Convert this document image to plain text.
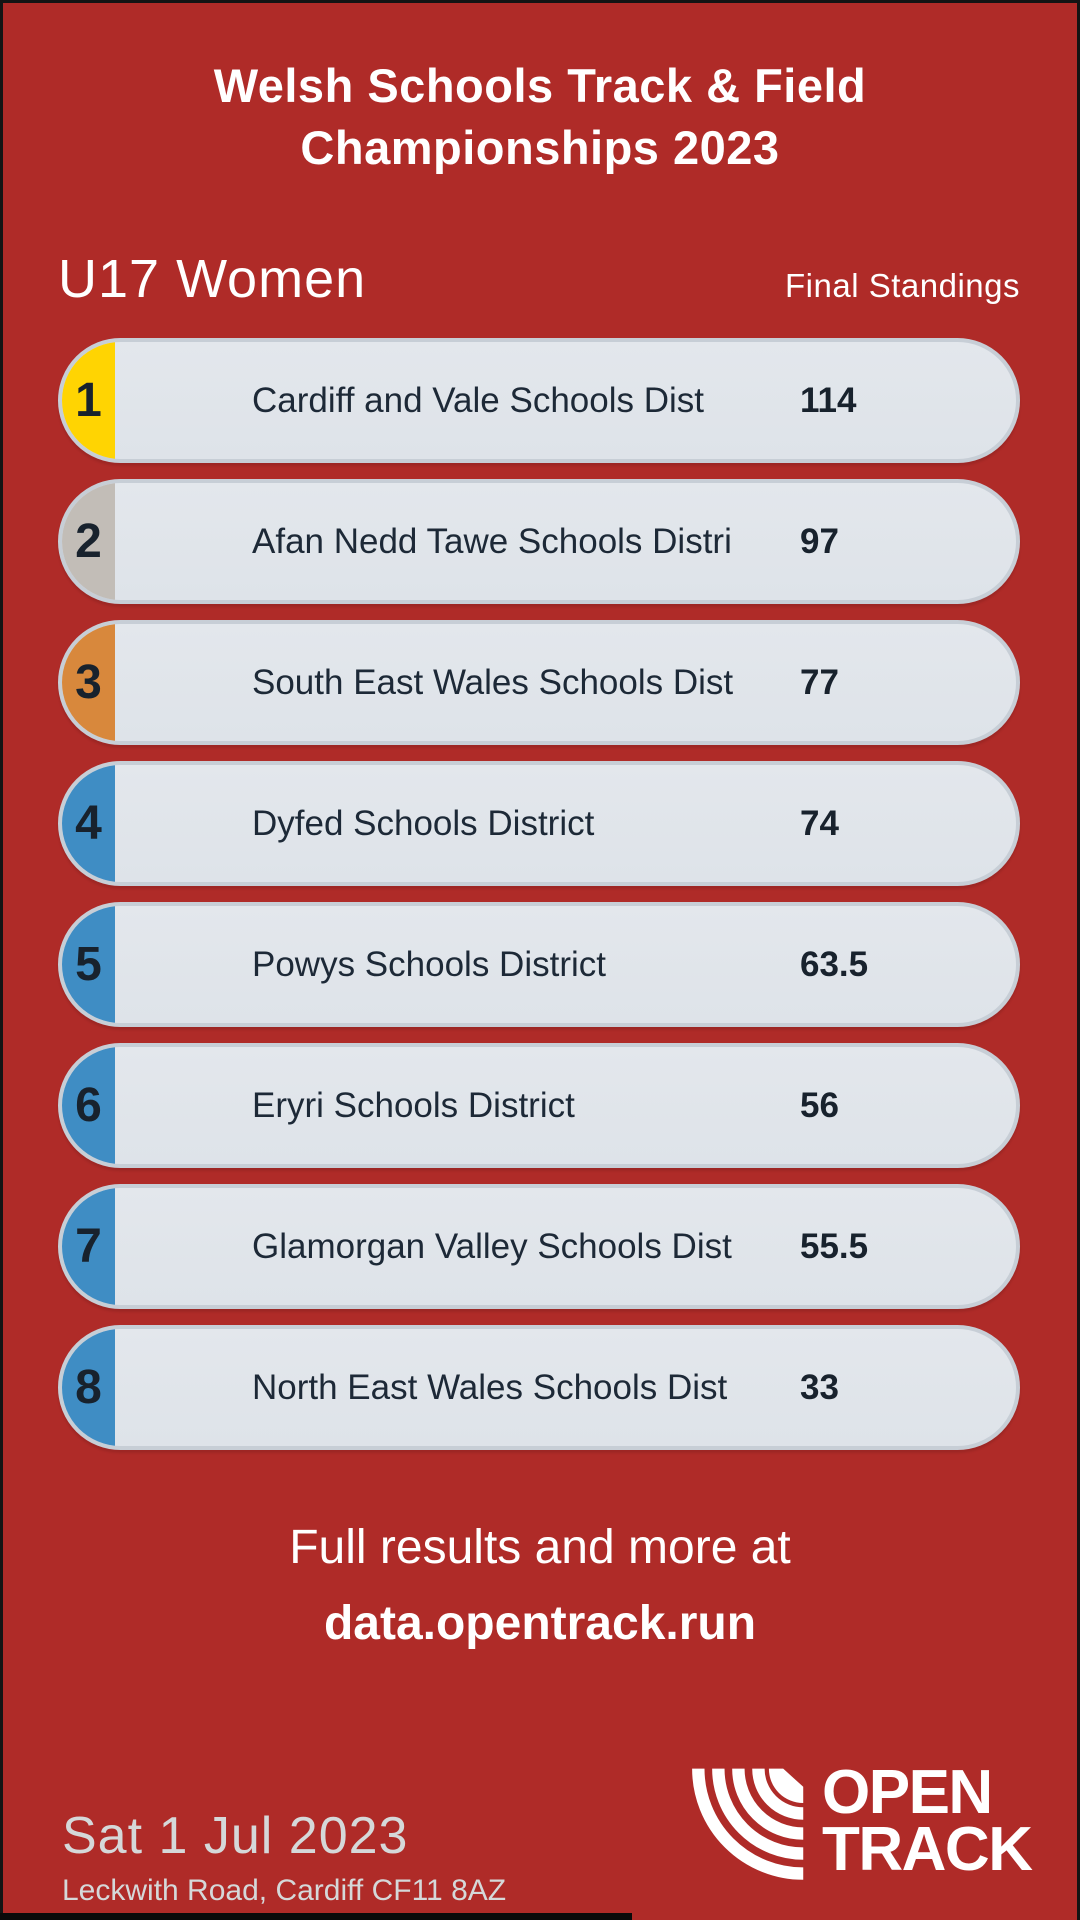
Welsh Schools Track & Field
Championships 2023
U17 Women	Final Standings
1	Cardiff and Vale Schools Dist	114
2	Afan Nedd Tawe Schools Distri 97
3	South East Wales Schools Dist 77
4	Dyfed Schools District	74
5	Powys Schools District	63.5
6	Eryri Schools District	56
7	Glamorgan Valley Schools Dist 55.5
8	North East Wales Schools Dist 33
Full results and more at
data.opentrack.run
Sat 1 Jul 2023
Leckwith Road, Cardiff CF11 8AZ
OPEN
TRACK
